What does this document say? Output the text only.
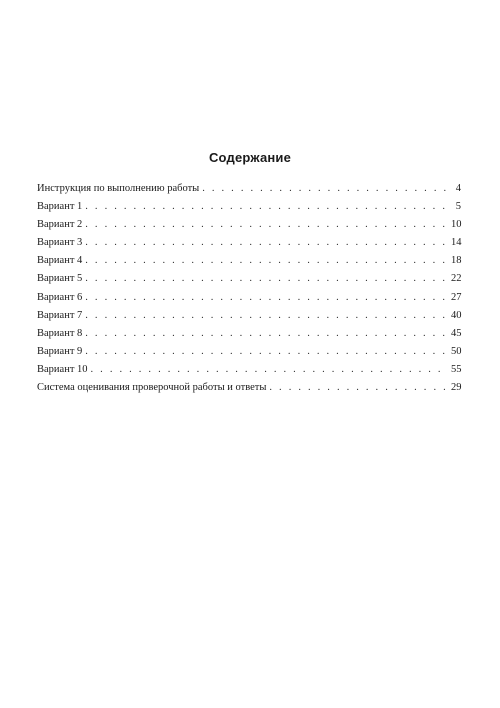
Содержание
Инструкция по выполнению работы . . .	4
Вариант 1 . . .	5
Вариант 2 . . .	10
Вариант 3 . . .	14
Вариант 4 . . .	18
Вариант 5 . . .	22
Вариант 6 . . .	27
Вариант 7 . . .	40
Вариант 8 . . .	45
Вариант 9 . . .	50
Вариант 10 . . .	55
Система оценивания проверочной работы и ответы . . .	29
